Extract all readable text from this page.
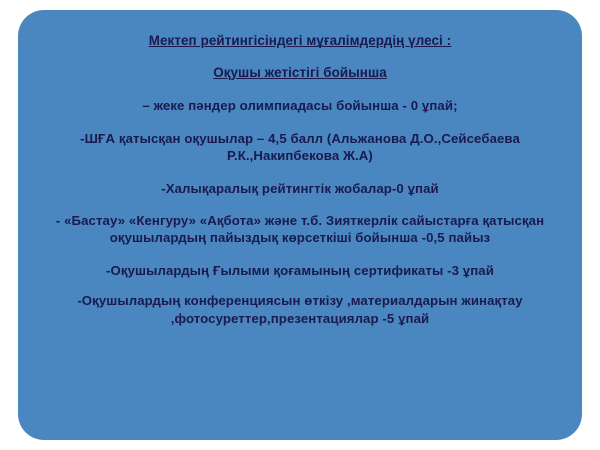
Мектеп рейтингісіндегі мұғалімдердің үлесі :
Оқушы жетістігі бойынша
– жеке пәндер олимпиадасы бойынша - 0 ұпай;
-ШҒА қатысқан оқушылар – 4,5 балл (Альжанова Д.О.,Сейсебаева Р.К.,Накипбекова Ж.А)
-Халықаралық рейтингтік жобалар-0 ұпай
- «Бастау» «Кенгуру» «Ақбота» және т.б. Зияткерлік сайыстарға қатысқан оқушылардың пайыздық көрсеткіші бойынша -0,5 пайыз
-Оқушылардың Ғылыми қоғамының сертификаты -3 ұпай
-Оқушылардың конференциясын өткізу ,материалдарын жинақтау ,фотосуреттер,презентациялар -5 ұпай
